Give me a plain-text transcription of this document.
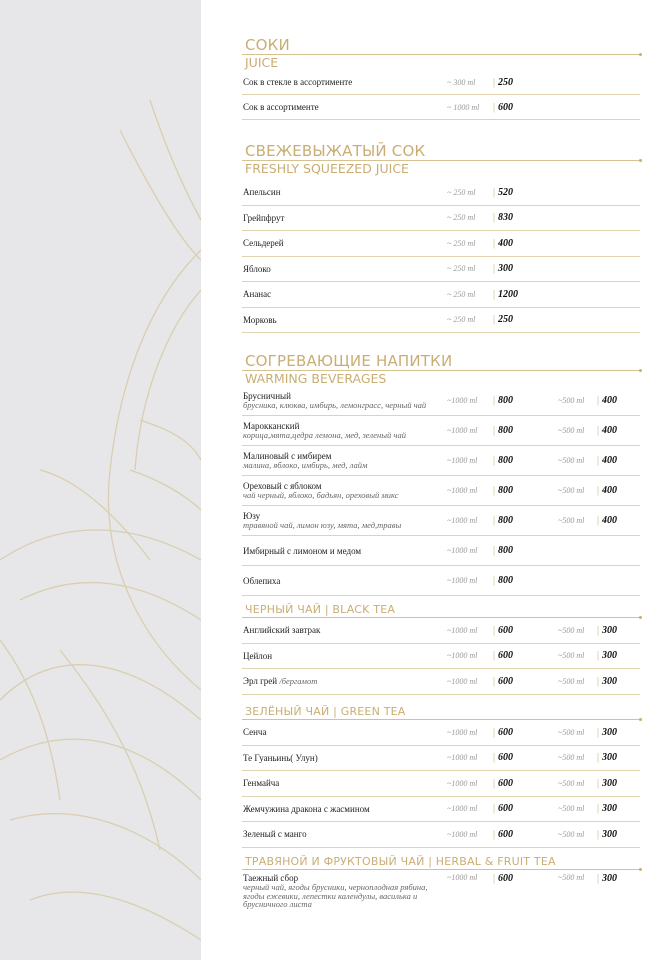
СОКИ
JUICE
Сок в стекле в ассортименте	~ 300 ml | 250
Сок в ассортименте	~ 1000 ml | 600
СВЕЖЕВЫЖАТЫЙ СОК
FRESHLY SQUEEZED JUICE
Апельсин	~ 250 ml | 520
Грейпфрут	~ 250 ml | 830
Сельдерей	~ 250 ml | 400
Яблоко	~ 250 ml | 300
Ананас	~ 250 ml | 1200
Морковь	~ 250 ml | 250
СОГРЕВАЮЩИЕ НАПИТКИ
WARMING BEVERAGES
Брусничный
брусника, клюква, имбирь, лемонграсс, черный чай	~1000 ml | 800	~500 ml | 400
Марокканский
корица,мята,цедра лемона, мед, зеленый чай	~1000 ml | 800	~500 ml | 400
Малиновый с имбирем
малина, яблоко, имбирь, мед, лайм	~1000 ml | 800	~500 ml | 400
Ореховый с яблоком
чай черный, яблоко, бадьян, ореховый микс	~1000 ml | 800	~500 ml | 400
Юзу
травяной чай, лимон юзу, мята, мед,травы	~1000 ml | 800	~500 ml | 400
Имбирный с лимоном и медом	~1000 ml | 800
Облепиха	~1000 ml | 800
ЧЕРНЫЙ ЧАЙ | BLACK TEA
Английский завтрак	~1000 ml | 600	~500 ml | 300
Цейлон	~1000 ml | 600	~500 ml | 300
Эрл грей /бергамот	~1000 ml | 600	~500 ml | 300
ЗЕЛЁНЫЙ ЧАЙ | GREEN TEA
Сенча	~1000 ml | 600	~500 ml | 300
Те Гуаньинь( Улун)	~1000 ml | 600	~500 ml | 300
Генмайча	~1000 ml | 600	~500 ml | 300
Жемчужина дракона с жасмином	~1000 ml | 600	~500 ml | 300
Зеленый с манго	~1000 ml | 600	~500 ml | 300
ТРАВЯНОЙ И ФРУКТОВЫЙ ЧАЙ | HERBAL & FRUIT TEA
Таежный сбор
черный чай, ягоды брусники, черноплодная рябина, ягоды ежевики, лепестки календулы, василька и брусничного листа
~1000 ml | 600	~500 ml | 300
